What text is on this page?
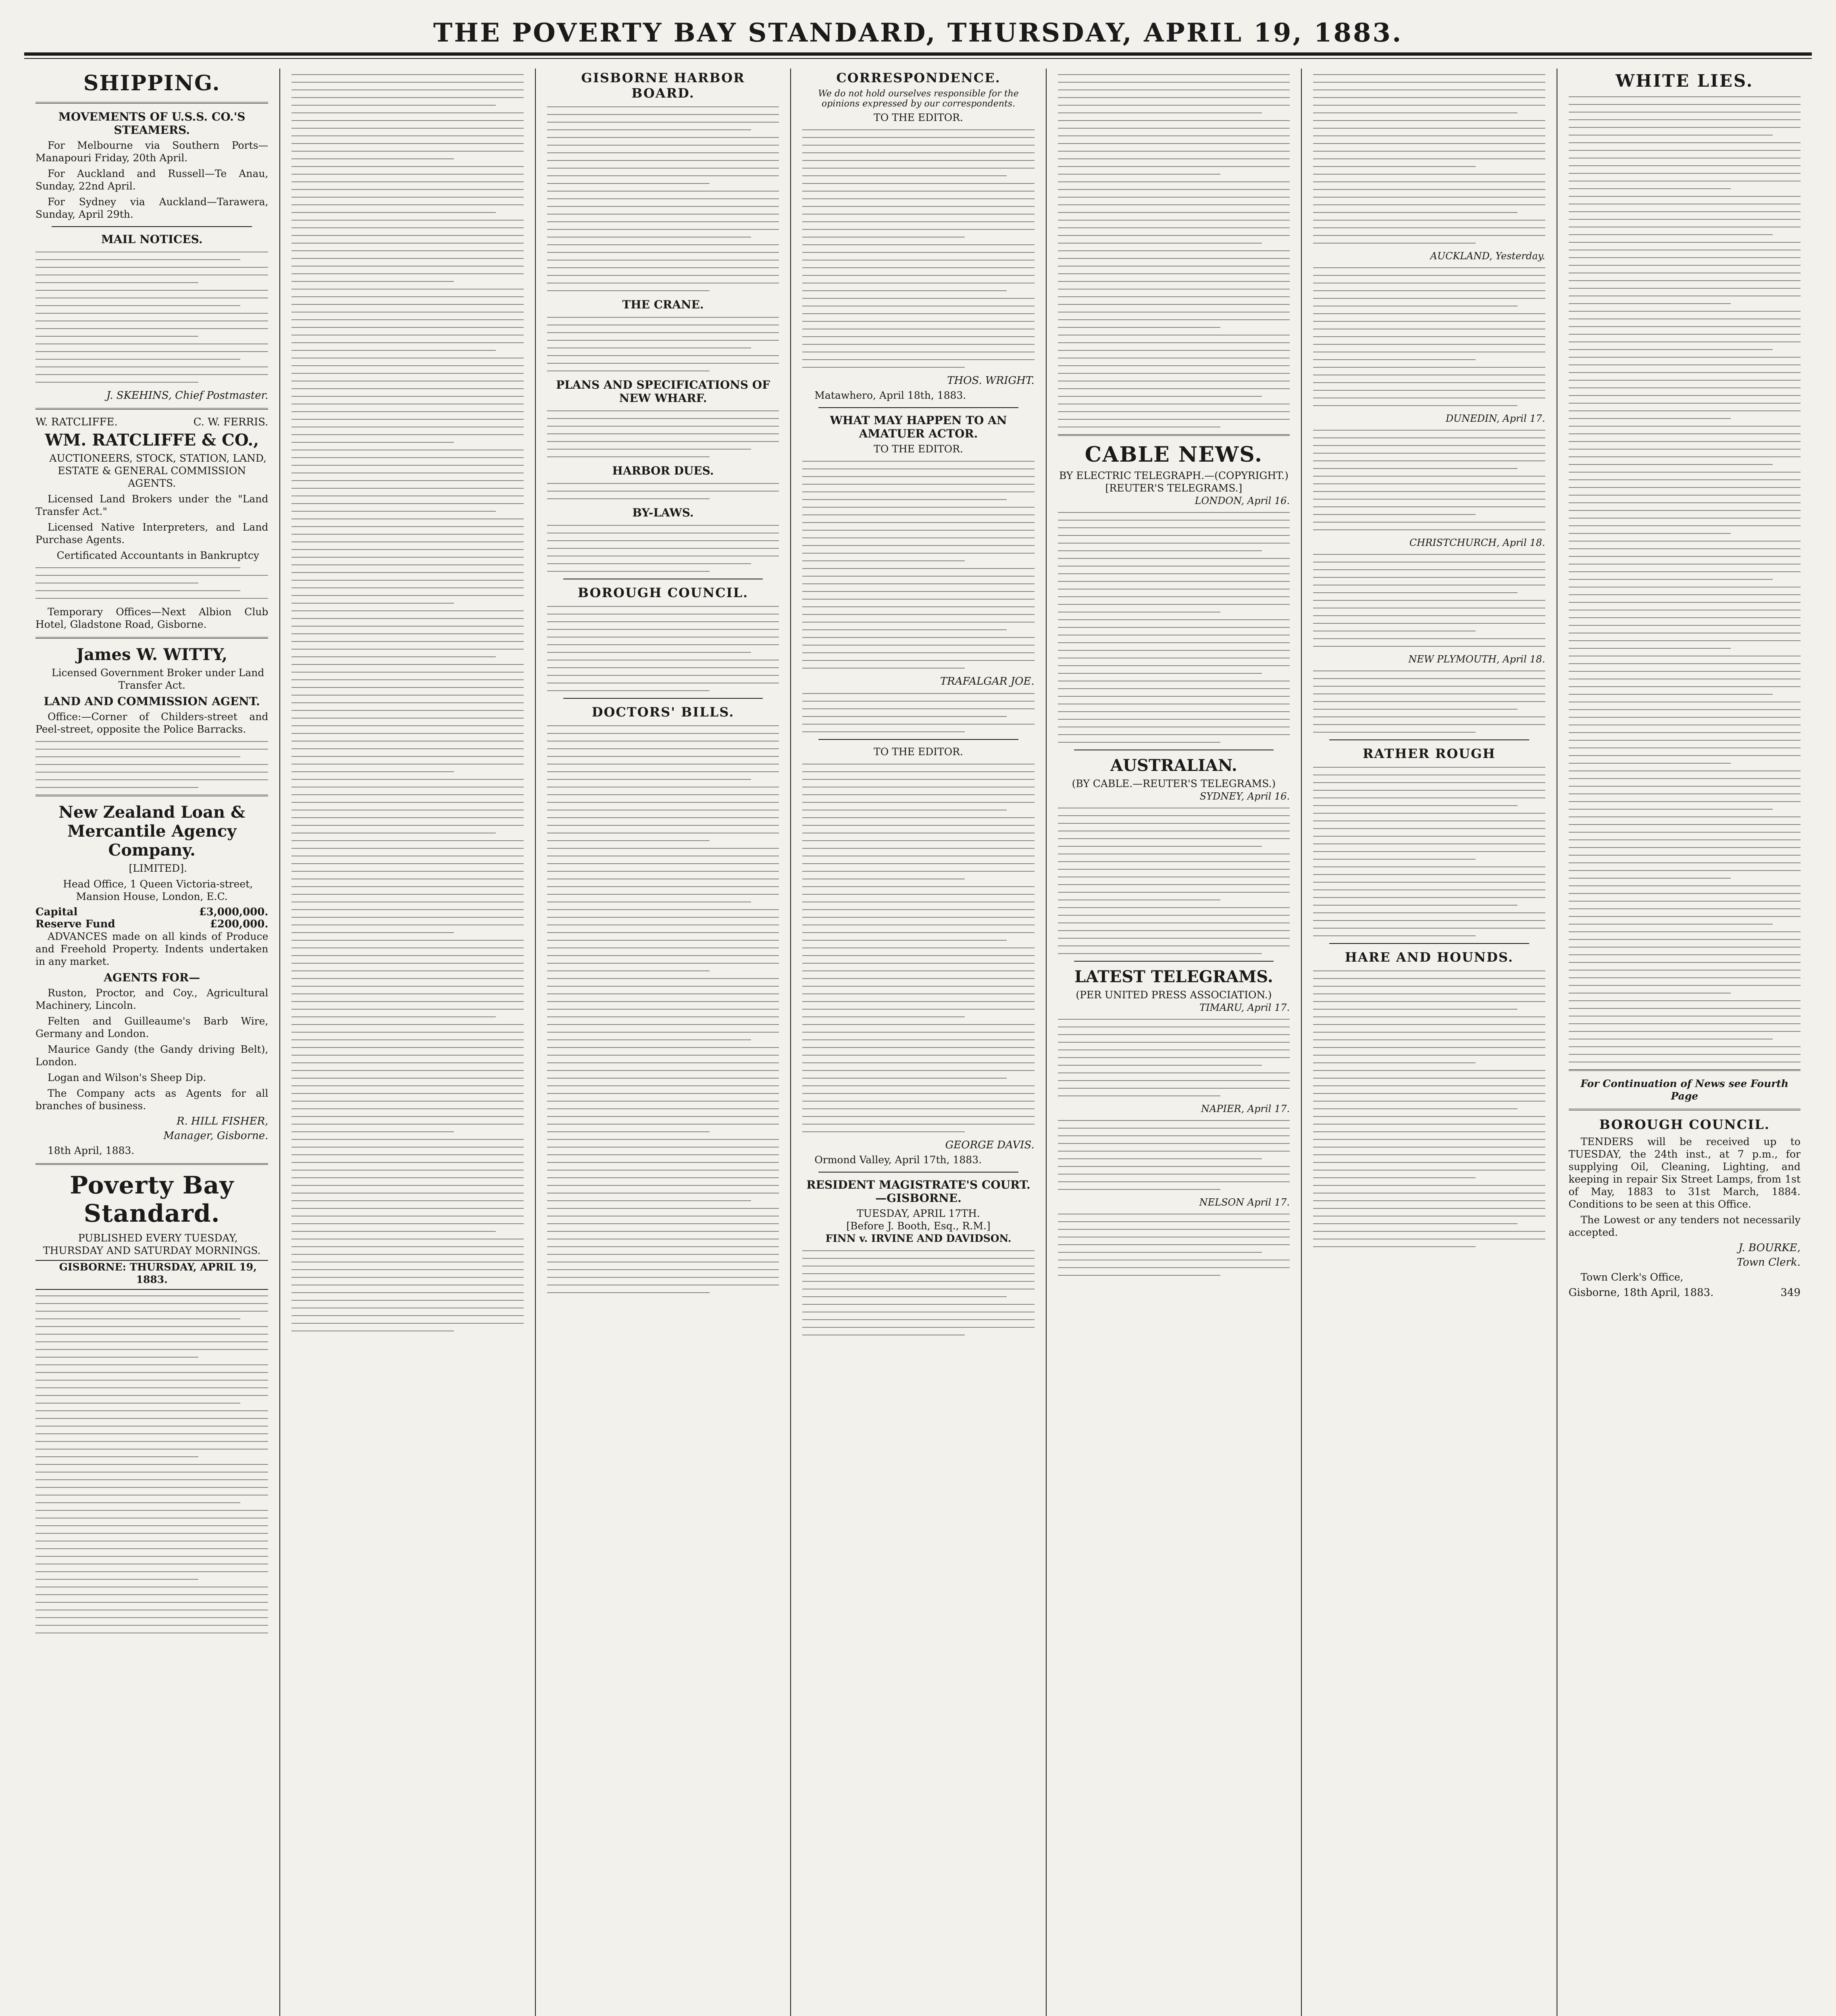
THE POVERTY BAY STANDARD, THURSDAY, APRIL 19, 1883.
SHIPPING.
MOVEMENTS OF U.S.S. CO.'S STEAMERS.

For Melbourne via Southern Ports—Manapouri Friday, 20th April.

For Auckland and Russell—Te Anau, Sunday, 22nd April.

For Sydney via Auckland—Tarawera, Sunday, April 29th.

MAIL NOTICES.
J. SKEHINS, Chief Postmaster.
W. RATCLIFFE.	C. W. FERRIS.
WM. RATCLIFFE & CO.,

AUCTIONEERS, STOCK, STATION, LAND, ESTATE & GENERAL COMMISSION AGENTS.

Licensed Land Brokers under the "Land Transfer Act."

Licensed Native Interpreters, and Land Purchase Agents.

Certificated Accountants in Bankruptcy

Temporary Offices—Next Albion Club Hotel, Gladstone Road, Gisborne.

James W. WITTY,

Licensed Government Broker under Land Transfer Act.

LAND AND COMMISSION AGENT.

Office:—Corner of Childers-street and Peel-street, opposite the Police Barracks.

New Zealand Loan & Mercantile Agency Company.

[LIMITED].

Head Office, 1 Queen Victoria-street, Mansion House, London, E.C.

Capital	£3,000,000.
Reserve Fund	£200,000.

ADVANCES made on all kinds of Produce and Freehold Property. Indents undertaken in any market.

AGENTS FOR—

Ruston, Proctor, and Coy., Agricultural Machinery, Lincoln.

Felten and Guilleaume's Barb Wire, Germany and London.

Maurice Gandy (the Gandy driving Belt), London.

Logan and Wilson's Sheep Dip.

The Company acts as Agents for all branches of business.

R. HILL FISHER,
Manager, Gisborne.

18th April, 1883.

Poverty Bay Standard.

PUBLISHED EVERY TUESDAY, THURSDAY AND SATURDAY MORNINGS.

GISBORNE: THURSDAY, APRIL 19, 1883.

GISBORNE HARBOR BOARD.
THE CRANE.
PLANS AND SPECIFICATIONS OF NEW WHARF.
HARBOR DUES.
BY-LAWS.
BOROUGH COUNCIL.
DOCTORS' BILLS.
CORRESPONDENCE.
We do not hold ourselves responsible for the opinions expressed by our correspondents.
TO THE EDITOR.
THOS. WRIGHT.

Matawhero, April 18th, 1883.

WHAT MAY HAPPEN TO AN AMATUER ACTOR.
TO THE EDITOR.
TRAFALGAR JOE.
TO THE EDITOR.
GEORGE DAVIS.

Ormond Valley, April 17th, 1883.

RESIDENT MAGISTRATE'S COURT.—GISBORNE.
TUESDAY, APRIL 17TH.
[Before J. Booth, Esq., R.M.]
FINN v. IRVINE AND DAVIDSON.
CABLE NEWS.
BY ELECTRIC TELEGRAPH.—(COPYRIGHT.)
[REUTER'S TELEGRAMS.]
LONDON, April 16.
AUSTRALIAN.
(BY CABLE.—REUTER'S TELEGRAMS.)
SYDNEY, April 16.
LATEST TELEGRAMS.
(PER UNITED PRESS ASSOCIATION.)
TIMARU, April 17.
NAPIER, April 17.
NELSON April 17.
AUCKLAND, Yesterday.
DUNEDIN, April 17.
CHRISTCHURCH, April 18.
NEW PLYMOUTH, April 18.
RATHER ROUGH
HARE AND HOUNDS.
WHITE LIES.
For Continuation of News see Fourth Page
BOROUGH COUNCIL.

TENDERS will be received up to TUESDAY, the 24th inst., at 7 p.m., for supplying Oil, Cleaning, Lighting, and keeping in repair Six Street Lamps, from 1st of May, 1883 to 31st March, 1884. Conditions to be seen at this Office.

The Lowest or any tenders not necessarily accepted.

J. BOURKE,
Town Clerk.

Town Clerk's Office,

Gisborne, 18th April, 1883.	349
